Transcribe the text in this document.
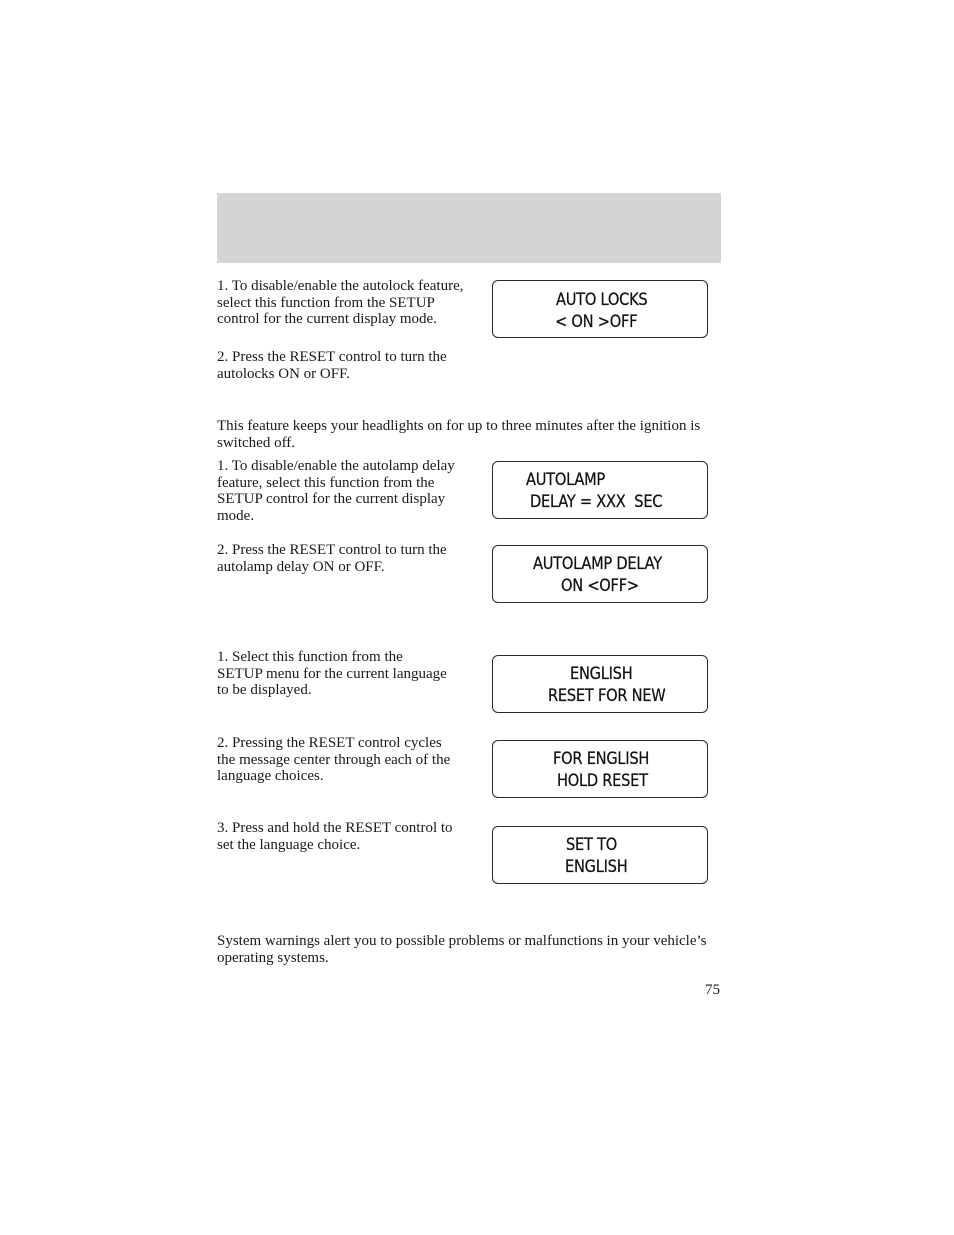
1. To disable/enable the autolock feature, select this function from the SETUP control for the current display mode.

2. Press the RESET control to turn the autolocks ON or OFF.

AUTO LOCKS
< ON >OFF

This feature keeps your headlights on for up to three minutes after the ignition is switched off.

1. To disable/enable the autolamp delay feature, select this function from the SETUP control for the current display mode.

AUTOLAMP
DELAY = XXX  SEC

2. Press the RESET control to turn the autolamp delay ON or OFF.	AUTOLAMP DELAY
ON <OFF>

1. Select this function from the SETUP menu for the current language to be displayed.

ENGLISH
RESET FOR NEW

2. Pressing the RESET control cycles the message center through each of the language choices.

FOR ENGLISH
HOLD RESET

3. Press and hold the RESET control to set the language choice.	SET TO
ENGLISH

System warnings alert you to possible problems or malfunctions in your vehicle’s operating systems.

75
